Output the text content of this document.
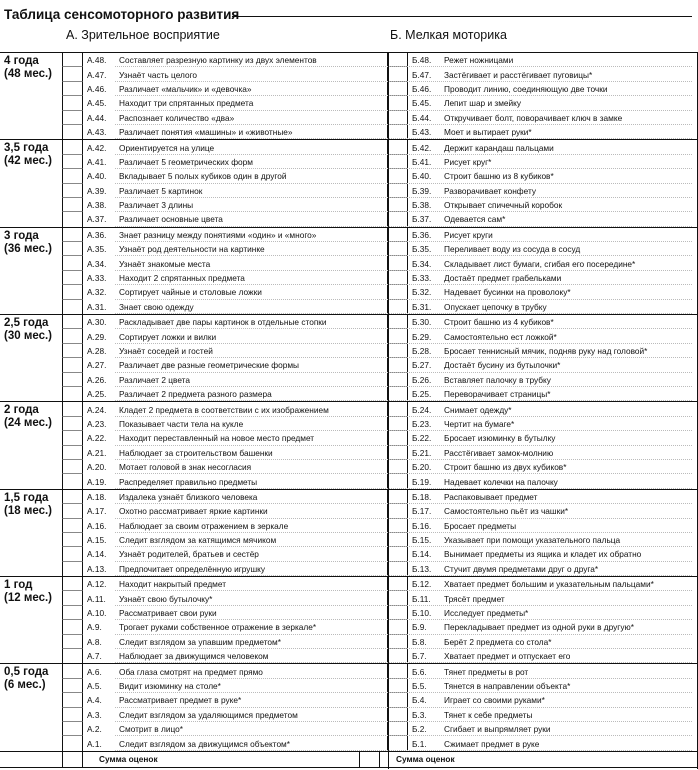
Таблица сенсомоторного развития
А. Зрительное восприятие	Б. Мелкая моторика
4 года
(48 мес.)
А.48.	Составляет разрезную картинку из двух элементов	Б.48.	Режет ножницами
А.47.	Узнаёт часть целого	Б.47.	Застёгивает и расстёгивает пуговицы*
А.46.	Различает «мальчик» и «девочка»	Б.46.	Проводит линию, соединяющую две точки
А.45.	Находит три спрятанных предмета	Б.45.	Лепит шар и змейку
А.44.	Распознает количество «два»	Б.44.	Откручивает болт, поворачивает ключ в замке
А.43.	Различает понятия «машины» и «животные»	Б.43.	Моет и вытирает руки*
3,5 года
(42 мес.)
А.42.	Ориентируется на улице	Б.42.	Держит карандаш пальцами
А.41.	Различает 5 геометрических форм	Б.41.	Рисует круг*
А.40.	Вкладывает 5 полых кубиков один в другой	Б.40.	Строит башню из 8 кубиков*
А.39.	Различает 5 картинок	Б.39.	Разворачивает конфету
А.38.	Различает 3 длины	Б.38.	Открывает спичечный коробок
А.37.	Различает основные цвета	Б.37.	Одевается сам*
3 года
(36 мес.)
А.36.	Знает разницу между понятиями «один» и «много»	Б.36.	Рисует круги
А.35.	Узнаёт род деятельности на картинке	Б.35.	Переливает воду из сосуда в сосуд
А.34.	Узнаёт знакомые места	Б.34.	Складывает лист бумаги, сгибая его посередине*
А.33.	Находит 2 спрятанных предмета	Б.33.	Достаёт предмет грабельками
А.32.	Сортирует чайные и столовые ложки	Б.32.	Надевает бусинки на проволоку*
А.31.	Знает свою одежду	Б.31.	Опускает цепочку в трубку
2,5 года
(30 мес.)
А.30.	Раскладывает две пары картинок в отдельные стопки	Б.30.	Строит башню из 4 кубиков*
А.29.	Сортирует ложки и вилки	Б.29.	Самостоятельно ест ложкой*
А.28.	Узнаёт соседей и гостей	Б.28.	Бросает теннисный мячик, подняв руку над головой*
А.27.	Различает две разные геометрические формы	Б.27.	Достаёт бусину из бутылочки*
А.26.	Различает 2 цвета	Б.26.	Вставляет палочку в трубку
А.25.	Различает 2 предмета разного размера	Б.25.	Переворачивает страницы*
2 года
(24 мес.)
А.24.	Кладет 2 предмета в соответствии с их изображением	Б.24.	Снимает одежду*
А.23.	Показывает части тела на кукле	Б.23.	Чертит на бумаге*
А.22.	Находит переставленный на новое место предмет	Б.22.	Бросает изюминку в бутылку
А.21.	Наблюдает за строительством башенки	Б.21.	Расстёгивает замок-молнию
А.20.	Мотает головой в знак несогласия	Б.20.	Строит башню из двух кубиков*
А.19.	Распределяет правильно предметы	Б.19.	Надевает колечки на палочку
1,5 года
(18 мес.)
А.18.	Издалека узнаёт близкого человека	Б.18.	Распаковывает предмет
А.17.	Охотно рассматривает яркие картинки	Б.17.	Самостоятельно пьёт из чашки*
А.16.	Наблюдает за своим отражением в зеркале	Б.16.	Бросает предметы
А.15.	Следит взглядом за катящимся мячиком	Б.15.	Указывает при помощи указательного пальца
А.14.	Узнаёт родителей, братьев и сестёр	Б.14.	Вынимает предметы из ящика и кладет их обратно
А.13.	Предпочитает определённую игрушку	Б.13.	Стучит двумя предметами друг о друга*
1 год
(12 мес.)
А.12.	Находит накрытый предмет	Б.12.	Хватает предмет большим и указательным пальцами*
А.11.	Узнаёт свою бутылочку*	Б.11.	Трясёт предмет
А.10.	Рассматривает свои руки	Б.10.	Исследует предметы*
А.9.	Трогает руками собственное отражение в зеркале*	Б.9.	Перекладывает предмет из одной руки в другую*
А.8.	Следит взглядом за упавшим предметом*	Б.8.	Берёт 2 предмета со стола*
А.7.	Наблюдает за движущимся человеком	Б.7.	Хватает предмет и отпускает его
0,5 года
(6 мес.)
А.6.	Оба глаза смотрят на предмет прямо	Б.6.	Тянет предметы в рот
А.5.	Видит изюминку на столе*	Б.5.	Тянется в направлении объекта*
А.4.	Рассматривает предмет в руке*	Б.4.	Играет со своими руками*
А.3.	Следит взглядом за удаляющимся предметом	Б.3.	Тянет к себе предметы
А.2.	Смотрит в лицо*	Б.2.	Сгибает и выпрямляет руки
А.1.	Следит взглядом за движущимся объектом*	Б.1.	Сжимает предмет в руке
Сумма оценок	Сумма оценок
